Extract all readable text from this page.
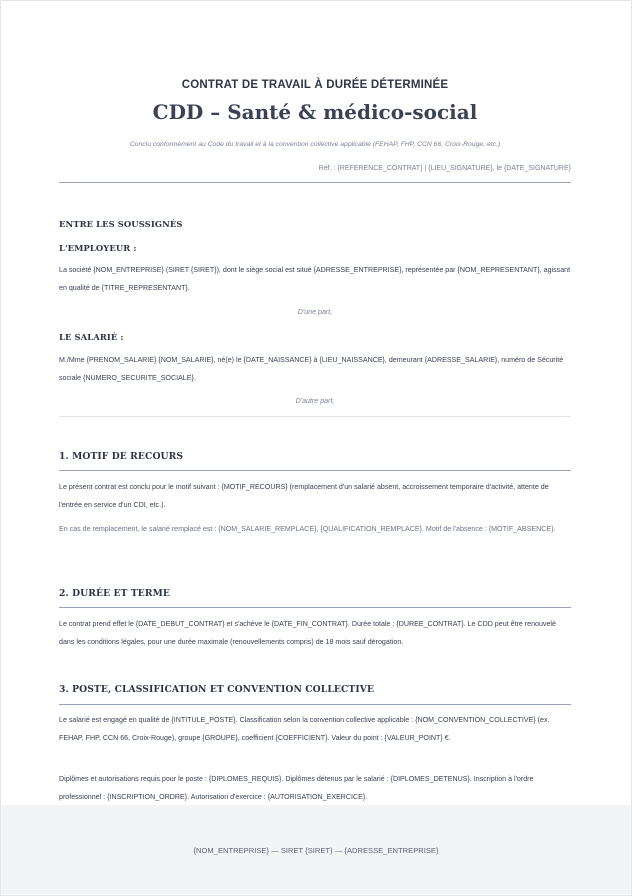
CONTRAT DE TRAVAIL À DURÉE DÉTERMINÉE
CDD – Santé & médico-social
Conclu conformément au Code du travail et à la convention collective applicable (FEHAP, FHP, CCN 66, Croix-Rouge, etc.)
Réf. : {REFERENCE_CONTRAT} | {LIEU_SIGNATURE}, le {DATE_SIGNATURE}
ENTRE LES SOUSSIGNÉS
L'EMPLOYEUR :
La société {NOM_ENTREPRISE} (SIRET {SIRET}), dont le siège social est situé {ADRESSE_ENTREPRISE}, représentée par {NOM_REPRESENTANT}, agissant en qualité de {TITRE_REPRESENTANT}.
D'une part,
LE SALARIÉ :
M./Mme {PRENOM_SALARIE} {NOM_SALARIE}, né(e) le {DATE_NAISSANCE} à {LIEU_NAISSANCE}, demeurant {ADRESSE_SALARIE}, numéro de Sécurité sociale {NUMERO_SECURITE_SOCIALE}.
D'autre part,
1. MOTIF DE RECOURS
Le présent contrat est conclu pour le motif suivant : {MOTIF_RECOURS} (remplacement d'un salarié absent, accroissement temporaire d'activité, attente de l'entrée en service d'un CDI, etc.).
En cas de remplacement, le salarié remplacé est : {NOM_SALARIE_REMPLACE}, {QUALIFICATION_REMPLACE}. Motif de l'absence : {MOTIF_ABSENCE}.
2. DURÉE ET TERME
Le contrat prend effet le {DATE_DEBUT_CONTRAT} et s'achève le {DATE_FIN_CONTRAT}. Durée totale : {DUREE_CONTRAT}. Le CDD peut être renouvelé dans les conditions légales, pour une durée maximale (renouvellements compris) de 18 mois sauf dérogation.
3. POSTE, CLASSIFICATION ET CONVENTION COLLECTIVE
Le salarié est engagé en qualité de {INTITULE_POSTE}. Classification selon la convention collective applicable : {NOM_CONVENTION_COLLECTIVE} (ex. FEHAP, FHP, CCN 66, Croix-Rouge), groupe {GROUPE}, coefficient {COEFFICIENT}. Valeur du point : {VALEUR_POINT} €.
Diplômes et autorisations requis pour le poste : {DIPLOMES_REQUIS}. Diplômes détenus par le salarié : {DIPLOMES_DETENUS}. Inscription à l'ordre professionnel : {INSCRIPTION_ORDRE}. Autorisation d'exercice : {AUTORISATION_EXERCICE}.
{NOM_ENTREPRISE} — SIRET {SIRET} — {ADRESSE_ENTREPRISE}
